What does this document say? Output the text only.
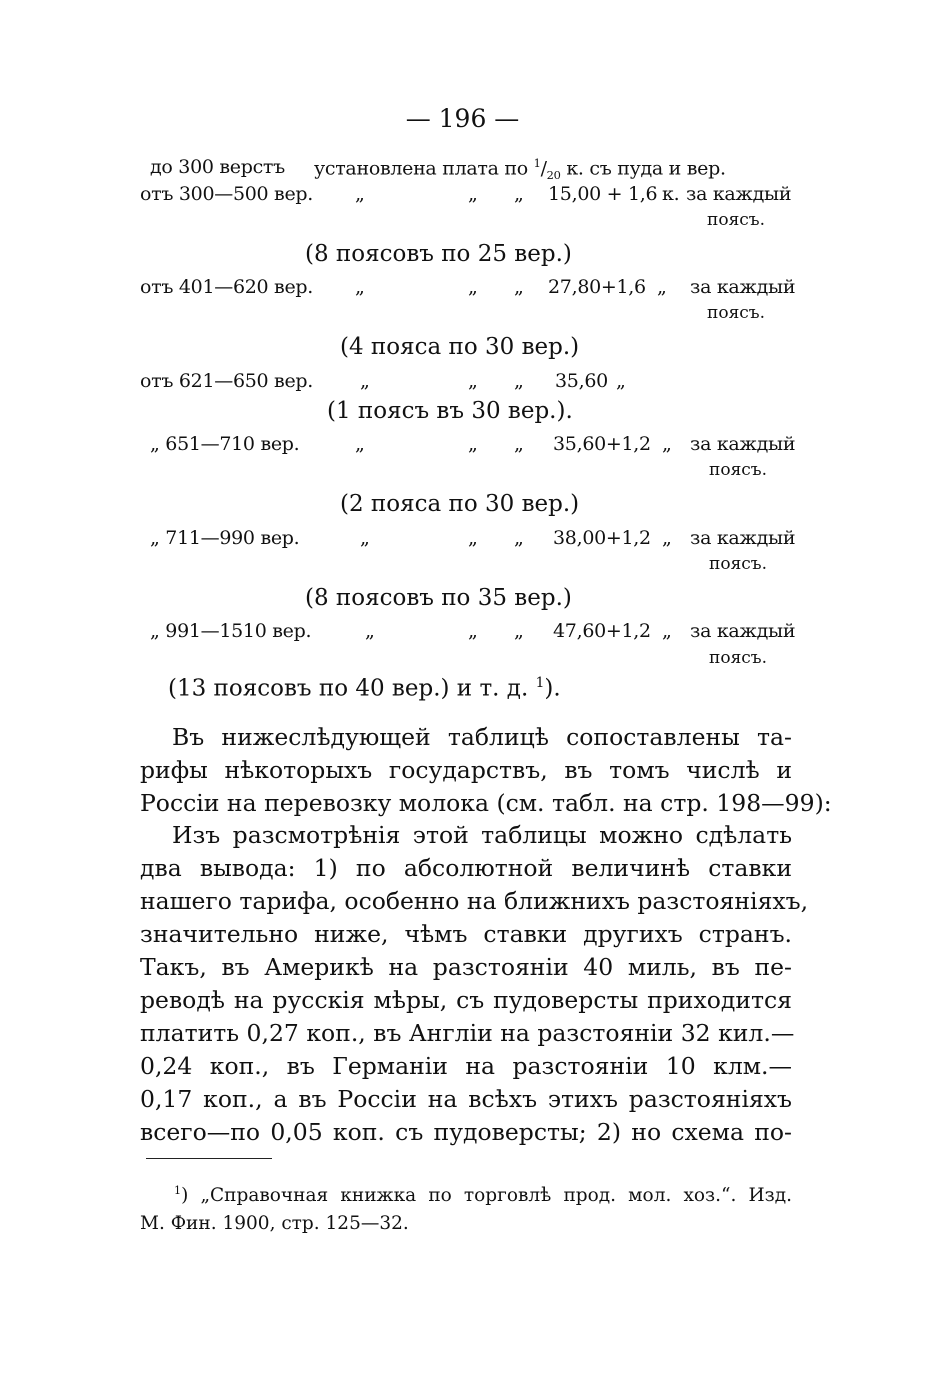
— 196 —
до 300 верстъ установлена плата по $^1/_{20}$ к. съ пуда и вер.
отъ 300—500 вер. „	„ „ 15,00 + 1,6 к. за каждый
поясъ.
(8 поясовъ по 25 вер.)
отъ 401—620 вер. „	„ „ 27,80+1,6 „ за каждый
поясъ.
(4 пояса по 30 вер.)
отъ 621—650 вер. „	„ „ 35,60 „
(1 поясъ въ 30 вер.).
„ 651—710 вер.	„	„ „ 35,60+1,2 „ за каждый
поясъ.
(2 пояса по 30 вер.)
„ 711—990 вер.	„	„ „ 38,00+1,2 „ за каждый
поясъ.
(8 поясовъ по 35 вер.)
„ 991—1510 вер.	„	„ „ 47,60+1,2 „ за каждый
поясъ.
(13 поясовъ по 40 вер.) и т. д. $^1$).

Въ нижеслѣдующей таблицѣ сопоставлены та-

рифы нѣкоторыхъ государствъ, въ томъ числѣ и

Россіи на перевозку молока (см. табл. на стр. 198—99):

Изъ разсмотрѣнія этой таблицы можно сдѣлать

два вывода: 1) по абсолютной величинѣ ставки

нашего тарифа, особенно на ближнихъ разстояніяхъ,

значительно ниже, чѣмъ ставки другихъ странъ.

Такъ, въ Америкѣ на разстояніи 40 миль, въ пе-

реводѣ на русскія мѣры, съ пудоверсты приходится

платить 0,27 коп., въ Англіи на разстояніи 32 кил.—

0,24 коп., въ Германіи на разстояніи 10 клм.—

0,17 коп., а въ Россіи на всѣхъ этихъ разстояніяхъ

всего—по 0,05 коп. съ пудоверсты; 2) но схема по-

$^1$) „Справочная книжка по торговлѣ прод. мол. хоз.“. Изд.

М. Фин. 1900, стр. 125—32.
